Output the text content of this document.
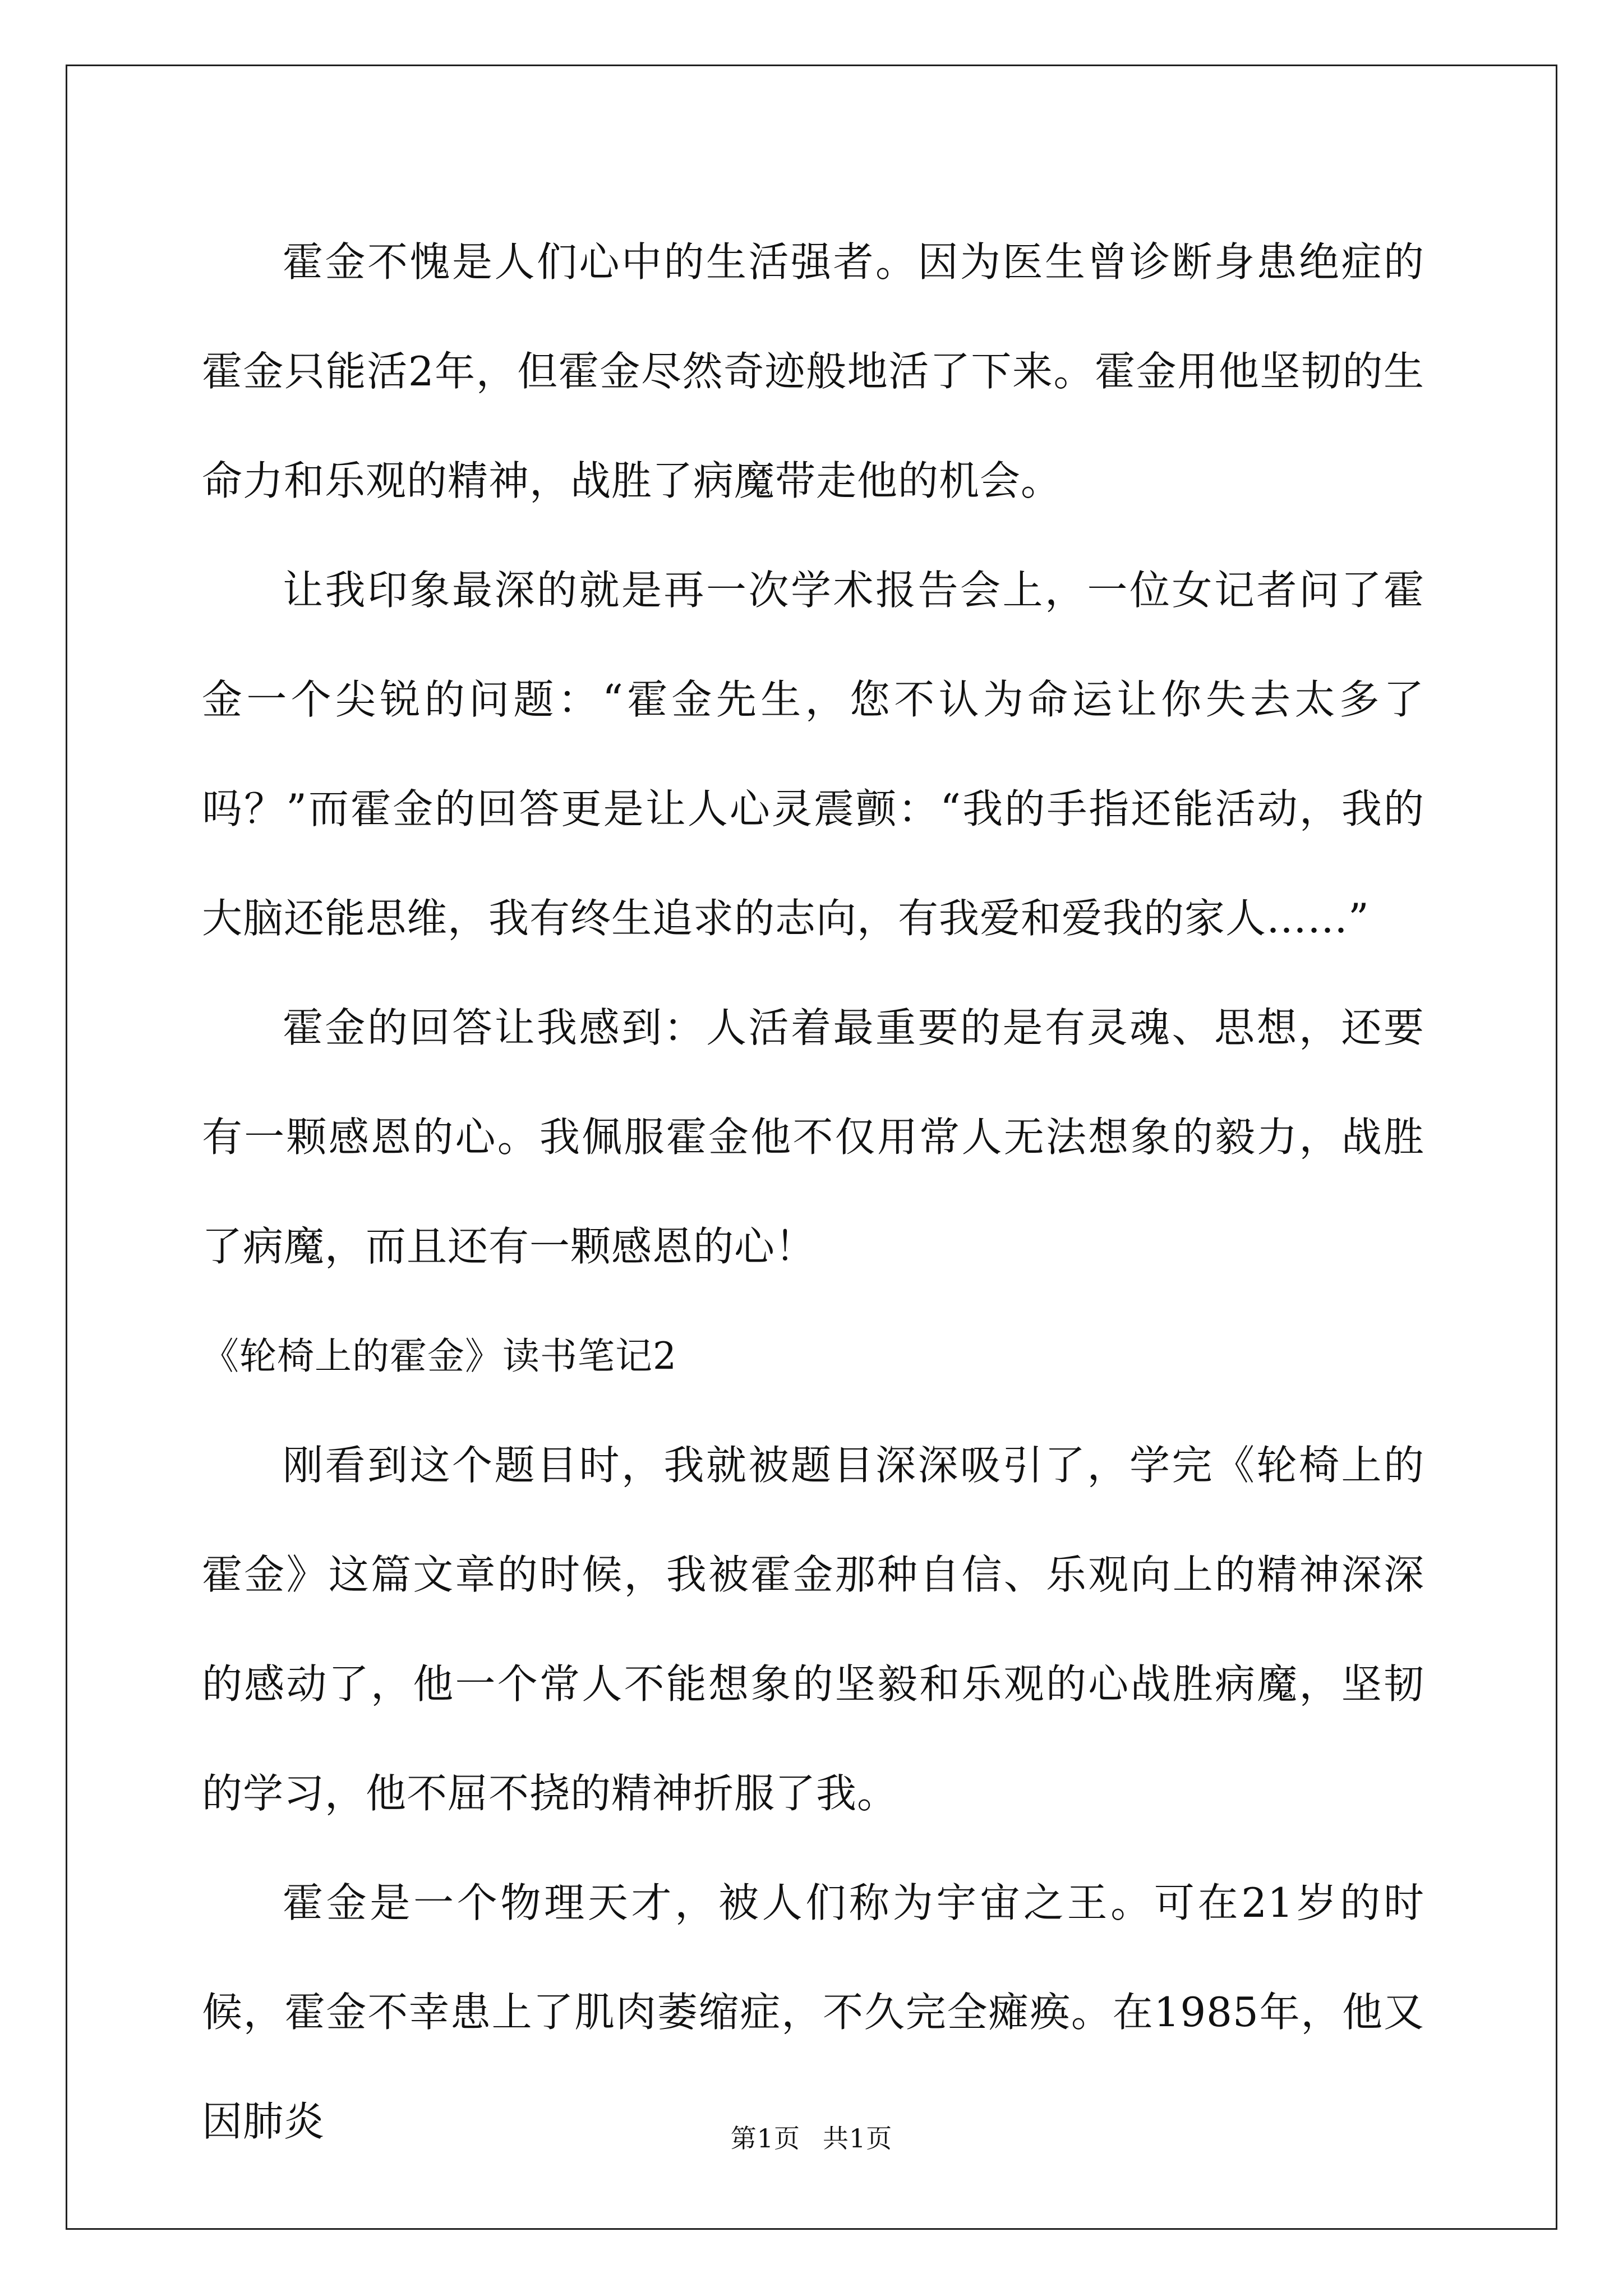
霍金不愧是人们心中的生活强者。因为医生曾诊断身患绝症的霍金只能活2年，但霍金尽然奇迹般地活了下来。霍金用他坚韧的生命力和乐观的精神，战胜了病魔带走他的机会。

让我印象最深的就是再一次学术报告会上，一位女记者问了霍金一个尖锐的问题：“霍金先生，您不认为命运让你失去太多了吗？”而霍金的回答更是让人心灵震颤：“我的手指还能活动，我的大脑还能思维，我有终生追求的志向，有我爱和爱我的家人……”

霍金的回答让我感到：人活着最重要的是有灵魂、思想，还要有一颗感恩的心。我佩服霍金他不仅用常人无法想象的毅力，战胜了病魔，而且还有一颗感恩的心！

《轮椅上的霍金》读书笔记2

刚看到这个题目时，我就被题目深深吸引了，学完《轮椅上的霍金》这篇文章的时候，我被霍金那种自信、乐观向上的精神深深的感动了，他一个常人不能想象的坚毅和乐观的心战胜病魔，坚韧的学习，他不屈不挠的精神折服了我。

霍金是一个物理天才，被人们称为宇宙之王。可在21岁的时候，霍金不幸患上了肌肉萎缩症，不久完全瘫痪。在1985年，他又因肺炎	第1页 共1页
